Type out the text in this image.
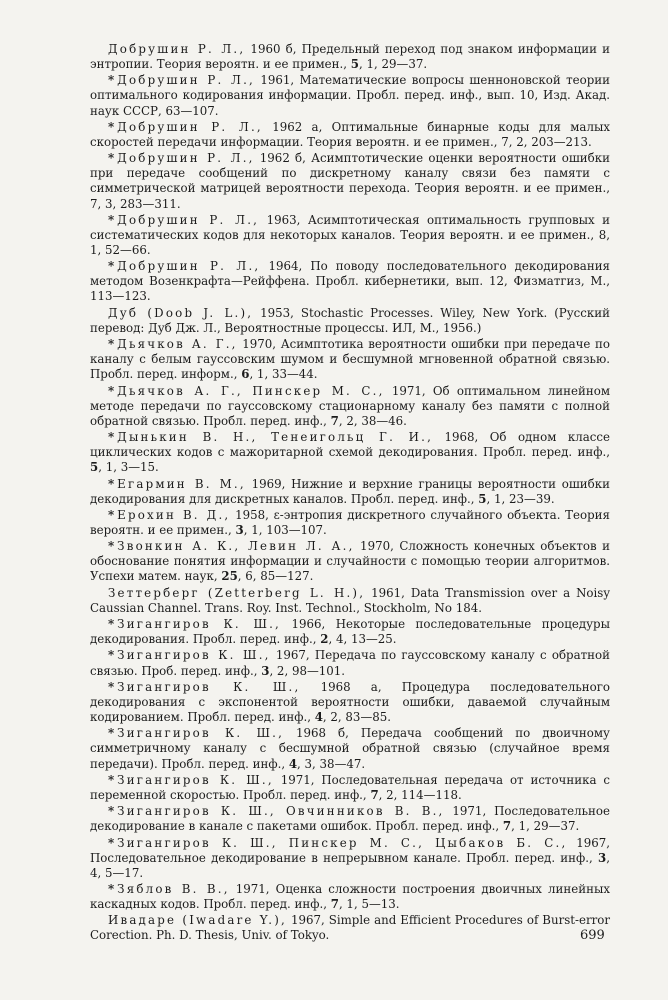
Добрушин Р. Л., 1960 б, Предельный переход под знаком информации и энтропии. Теория вероятн. и ее примен., 5, 1, 29—37.

* Добрушин Р. Л., 1961, Математические вопросы шенноновской теории оптимального кодирования информации. Пробл. перед. инф., вып. 10, Изд. Акад. наук СССР, 63—107.

* Добрушин Р. Л., 1962 а, Оптимальные бинарные коды для малых скоростей передачи информации. Теория вероятн. и ее примен., 7, 2, 203—213.

* Добрушин Р. Л., 1962 б, Асимптотические оценки вероятности ошибки при передаче сообщений по дискретному каналу связи без памяти с симметрической матрицей вероятности перехода. Теория вероятн. и ее примен., 7, 3, 283—311.

* Добрушин Р. Л., 1963, Асимптотическая оптимальность групповых и систематических кодов для некоторых каналов. Теория вероятн. и ее примен., 8, 1, 52—66.

* Добрушин Р. Л., 1964, По поводу последовательного декодирования методом Возенкрафта—Рейффена. Пробл. кибернетики, вып. 12, Физматгиз, М., 113—123.

Дуб (Doob J. L.), 1953, Stochastic Processes. Wiley, New York. (Русский перевод: Дуб Дж. Л., Вероятностные процессы. ИЛ, М., 1956.)

* Дьячков А. Г., 1970, Асимптотика вероятности ошибки при передаче по каналу с белым гауссовским шумом и бесшумной мгновенной обратной связью. Пробл. перед. информ., 6, 1, 33—44.

* Дьячков А. Г., Пинскер М. С., 1971, Об оптимальном линейном методе передачи по гауссовскому стационарному каналу без памяти с полной обратной связью. Пробл. перед. инф., 7, 2, 38—46.

* Дынькин В. Н., Тенеигольц Г. И., 1968, Об одном классе циклических кодов с мажоритарной схемой декодирования. Пробл. перед. инф., 5, 1, 3—15.

* Егармин В. М., 1969, Нижние и верхние границы вероятности ошибки декодирования для дискретных каналов. Пробл. перед. инф., 5, 1, 23—39.

* Ерохин В. Д., 1958, ε-энтропия дискретного случайного объекта. Теория вероятн. и ее примен., 3, 1, 103—107.

* Звонкин А. К., Левин Л. А., 1970, Сложность конечных объектов и обоснование понятия информации и случайности с помощью теории алгоритмов. Успехи матем. наук, 25, 6, 85—127.

Зеттерберг (Zetterberg L. H.), 1961, Data Transmission over a Noisy Caussian Channel. Trans. Roy. Inst. Technol., Stockholm, No 184.

* Зигангиров К. Ш., 1966, Некоторые последовательные процедуры декодирования. Пробл. перед. инф., 2, 4, 13—25.

* Зигангиров К. Ш., 1967, Передача по гауссовскому каналу с обратной связью. Проб. перед. инф., 3, 2, 98—101.

* Зигангиров К. Ш., 1968 а, Процедура последовательного декодирования с экспонентой вероятности ошибки, даваемой случайным кодированием. Пробл. перед. инф., 4, 2, 83—85.

* Зигангиров К. Ш., 1968 б, Передача сообщений по двоичному симметричному каналу с бесшумной обратной связью (случайное время передачи). Пробл. перед. инф., 4, 3, 38—47.

* Зигангиров К. Ш., 1971, Последовательная передача от источника с переменной скоростью. Пробл. перед. инф., 7, 2, 114—118.

* Зигангиров К. Ш., Овчинников В. В., 1971, Последовательное декодирование в канале с пакетами ошибок. Пробл. перед. инф., 7, 1, 29—37.

* Зигангиров К. Ш., Пинскер М. С., Цыбаков Б. С., 1967, Последовательное декодирование в непрерывном канале. Пробл. перед. инф., 3, 4, 5—17.

* Зяблов В. В., 1971, Оценка сложности построения двоичных линейных каскадных кодов. Пробл. перед. инф., 7, 1, 5—13.

Ивадаре (Iwadare Y.), 1967, Simple and Efficient Procedures of Burst-error Corection. Ph. D. Thesis, Univ. of Tokyo.	699
